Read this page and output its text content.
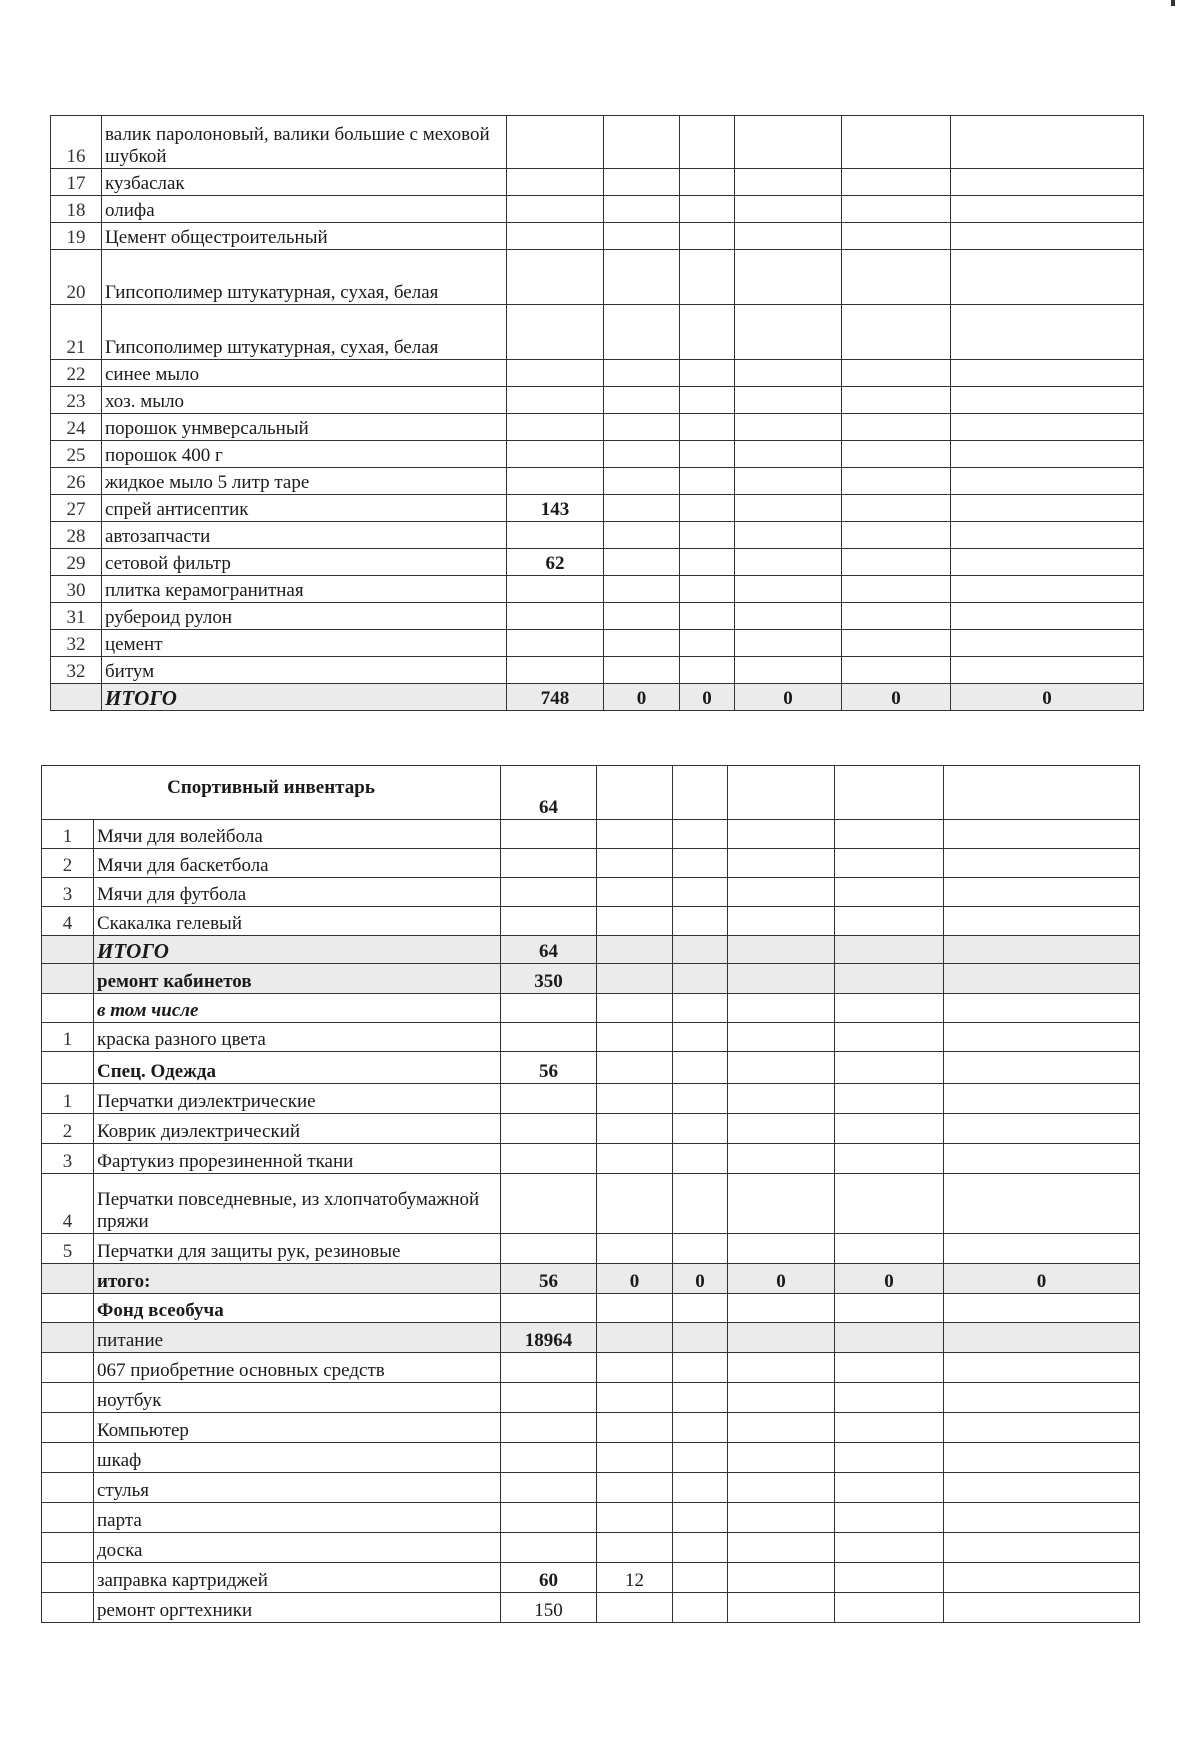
16	валик паролоновый, валики большие с меховой шубкой						
17	кузбаслак						
18	олифа						
19	Цемент общестроительный						
20	Гипсополимер штукатурная, сухая, белая						
21	Гипсополимер штукатурная, сухая, белая						
22	синее мыло						
23	хоз. мыло						
24	порошок унмверсальный						
25	порошок 400 г						
26	жидкое мыло 5 литр таре						
27	спрей антисептик	143					
28	автозапчасти						
29	сетовой фильтр	62					
30	плитка керамогранитная						
31	рубероид рулон						
32	цемент						
32	битум						
	ИТОГО	748	0	0	0	0	0
Спортивный инвентарь		64					
1	Мячи для волейбола						
2	Мячи для баскетбола						
3	Мячи для футбола						
4	Скакалка гелевый						
	ИТОГО	64					
	ремонт кабинетов	350					
	в том числе						
1	краска разного цвета						
	Спец. Одежда	56					
1	Перчатки диэлектрические						
2	Коврик диэлектрический						
3	Фартукиз прорезиненной ткани						
4	Перчатки повседневные, из хлопчатобумажной пряжи						
5	Перчатки для защиты рук, резиновые						
	итого:	56	0	0	0	0	0
	Фонд всеобуча						
	питание	18964					
	067 приобретние основных средств						
	ноутбук						
	Компьютер						
	шкаф						
	стулья						
	парта						
	доска						
	заправка картриджей	60	12				
	ремонт оргтехники	150					
